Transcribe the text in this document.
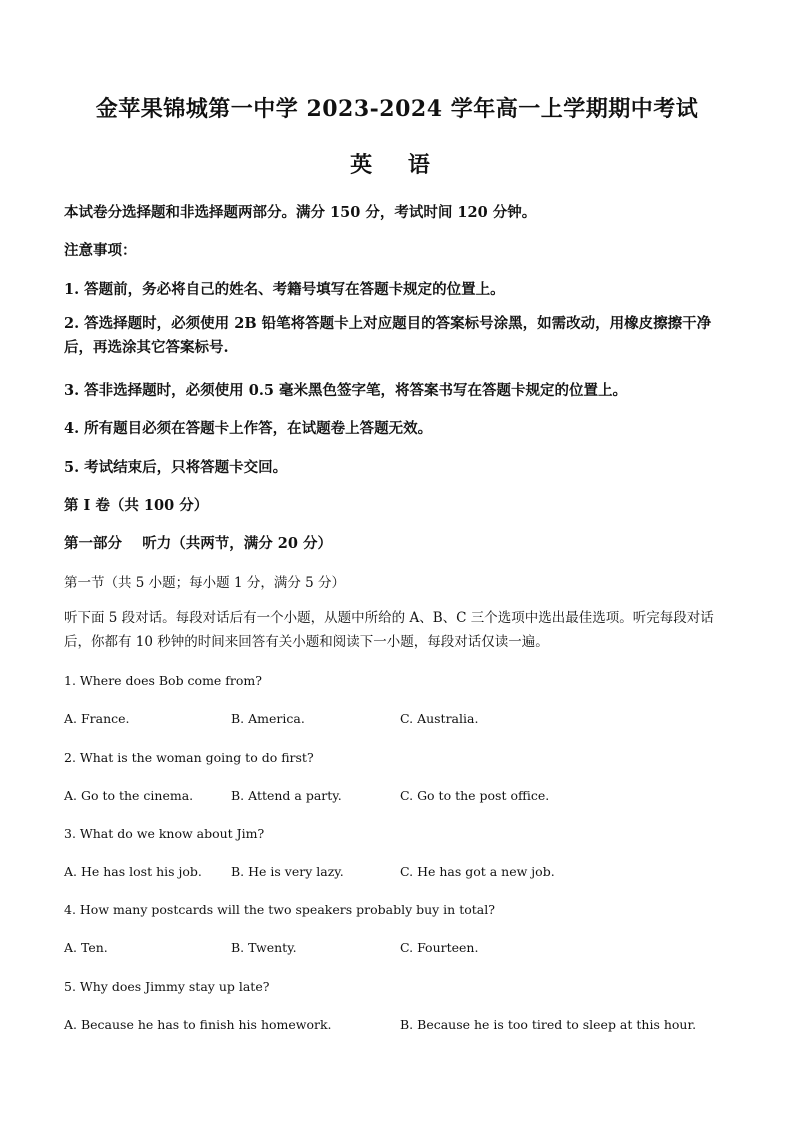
金苹果锦城第一中学 2023-2024 学年高一上学期期中考试
英 语
本试卷分选择题和非选择题两部分。满分 150 分，考试时间 120 分钟。
注意事项：
1. 答题前，务必将自己的姓名、考籍号填写在答题卡规定的位置上。
2. 答选择题时，必须使用 2B 铅笔将答题卡上对应题目的答案标号涂黑，如需改动，用橡皮擦擦干净后，再选涂其它答案标号.
3. 答非选择题时，必须使用 0.5 毫米黑色签字笔，将答案书写在答题卡规定的位置上。
4. 所有题目必须在答题卡上作答，在试题卷上答题无效。
5. 考试结束后，只将答题卡交回。
第 I 卷（共 100 分）
第一部分    听力（共两节，满分 20 分）
第一节（共 5 小题；每小题 1 分，满分 5 分）
听下面 5 段对话。每段对话后有一个小题，从题中所给的 A、B、C 三个选项中选出最佳选项。听完每段对话后，你都有 10 秒钟的时间来回答有关小题和阅读下一小题，每段对话仅读一遍。
1. Where does Bob come from?
A. France.	B. America.	C. Australia.
2. What is the woman going to do first?
A. Go to the cinema.	B. Attend a party.	C. Go to the post office.
3. What do we know about Jim?
A. He has lost his job. B. He is very lazy.	C. He has got a new job.
4. How many postcards will the two speakers probably buy in total?
A. Ten.	B. Twenty.	C. Fourteen.
5. Why does Jimmy stay up late?
A. Because he has to finish his homework.	B. Because he is too tired to sleep at this hour.
